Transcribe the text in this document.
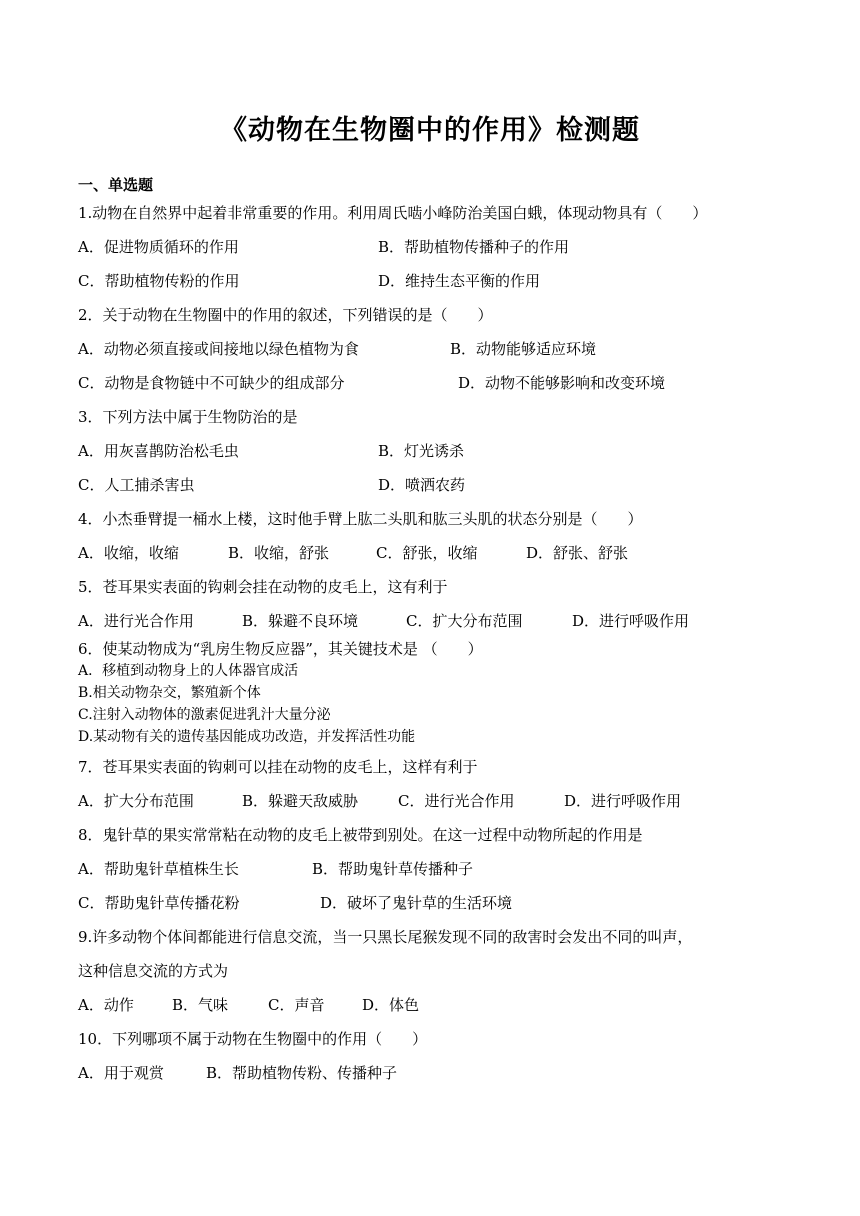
《动物在生物圈中的作用》检测题
一、单选题
1.动物在自然界中起着非常重要的作用。利用周氏啮小峰防治美国白蛾，体现动物具有（　　）
A．促进物质循环的作用	B．帮助植物传播种子的作用
C．帮助植物传粉的作用	D．维持生态平衡的作用
2．关于动物在生物圈中的作用的叙述，下列错误的是（　　）
A．动物必须直接或间接地以绿色植物为食	B．动物能够适应环境
C．动物是食物链中不可缺少的组成部分	D．动物不能够影响和改变环境
3．下列方法中属于生物防治的是
A．用灰喜鹊防治松毛虫	B．灯光诱杀
C．人工捕杀害虫	D．喷洒农药
4．小杰垂臂提一桶水上楼，这时他手臂上肱二头肌和肱三头肌的状态分别是（　　）
A．收缩，收缩	B．收缩，舒张	C．舒张，收缩	D．舒张、舒张
5．苍耳果实表面的钩刺会挂在动物的皮毛上，这有利于
A．进行光合作用	B．躲避不良环境	C．扩大分布范围	D．进行呼吸作用
6．使某动物成为“乳房生物反应器”，其关键技术是 （　　）
A．移植到动物身上的人体器官成活
B.相关动物杂交，繁殖新个体
C.注射入动物体的激素促进乳汁大量分泌
D.某动物有关的遗传基因能成功改造，并发挥活性功能
7．苍耳果实表面的钩刺可以挂在动物的皮毛上，这样有利于
A．扩大分布范围	B．躲避天敌威胁	C．进行光合作用	D．进行呼吸作用
8．鬼针草的果实常常粘在动物的皮毛上被带到别处。在这一过程中动物所起的作用是
A．帮助鬼针草植株生长	B．帮助鬼针草传播种子
C．帮助鬼针草传播花粉	D．破坏了鬼针草的生活环境
9.许多动物个体间都能进行信息交流，当一只黑长尾猴发现不同的敌害时会发出不同的叫声，
这种信息交流的方式为
A．动作	B．气味	C．声音	D．体色
10．下列哪项不属于动物在生物圈中的作用（　　）
A．用于观赏	B．帮助植物传粉、传播种子
